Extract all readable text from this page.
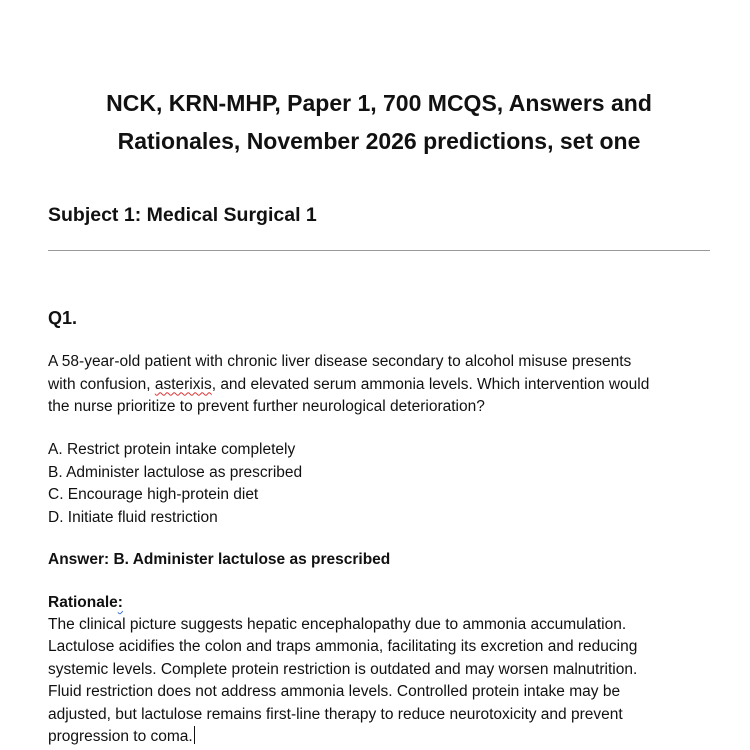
NCK, KRN-MHP, Paper 1, 700 MCQS, Answers and
Rationales, November 2026 predictions, set one
Subject 1: Medical Surgical 1
Q1.
A 58-year-old patient with chronic liver disease secondary to alcohol misuse presents
with confusion, asterixis, and elevated serum ammonia levels. Which intervention would
the nurse prioritize to prevent further neurological deterioration?
A. Restrict protein intake completely
B. Administer lactulose as prescribed
C. Encourage high-protein diet
D. Initiate fluid restriction
Answer: B. Administer lactulose as prescribed
Rationale:
The clinical picture suggests hepatic encephalopathy due to ammonia accumulation.
Lactulose acidifies the colon and traps ammonia, facilitating its excretion and reducing
systemic levels. Complete protein restriction is outdated and may worsen malnutrition.
Fluid restriction does not address ammonia levels. Controlled protein intake may be
adjusted, but lactulose remains first-line therapy to reduce neurotoxicity and prevent
progression to coma.
